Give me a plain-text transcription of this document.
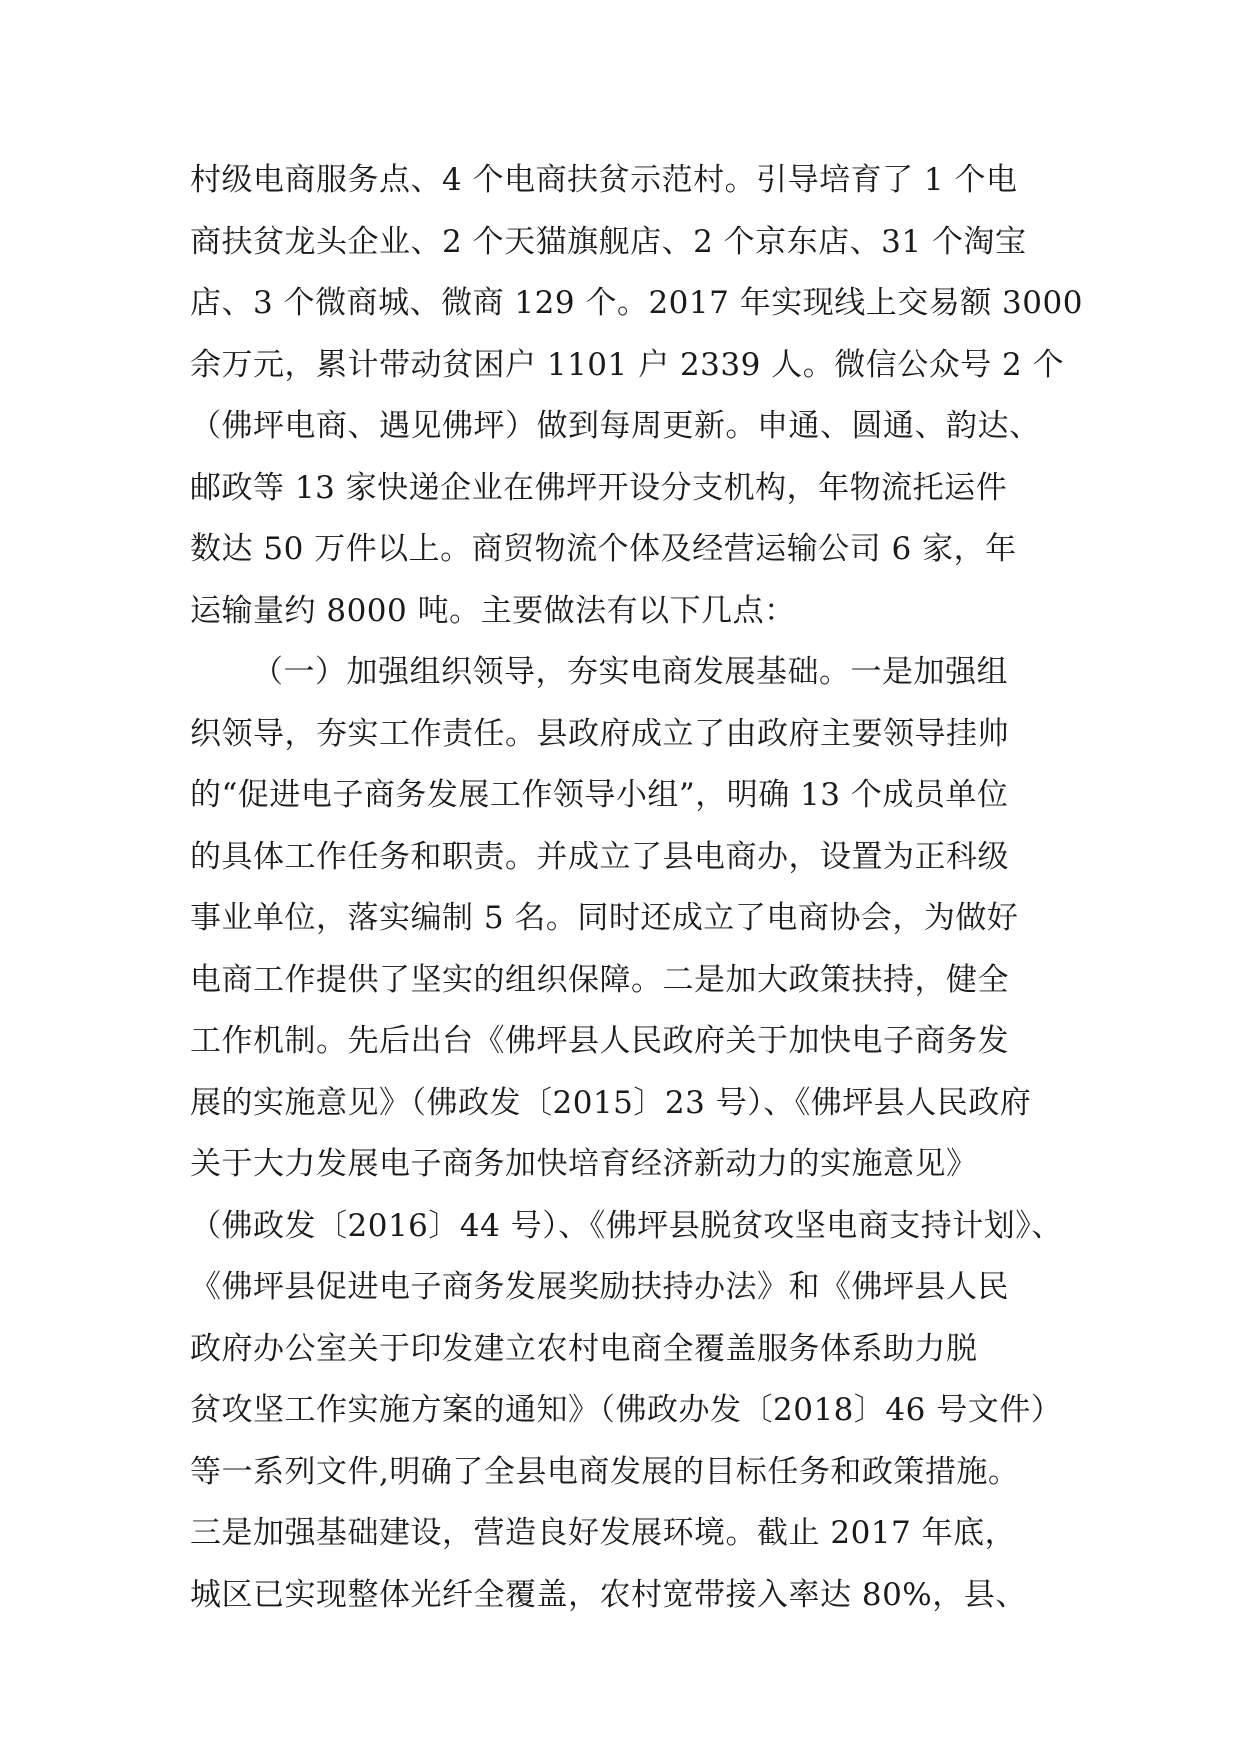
村级电商服务点、4 个电商扶贫示范村。引导培育了 1 个电
商扶贫龙头企业、2 个天猫旗舰店、2 个京东店、31 个淘宝
店、3 个微商城、微商 129 个。2017 年实现线上交易额 3000
余万元，累计带动贫困户 1101 户 2339 人。微信公众号 2 个
（佛坪电商、遇见佛坪）做到每周更新。申通、圆通、韵达、
邮政等 13 家快递企业在佛坪开设分支机构，年物流托运件
数达 50 万件以上。商贸物流个体及经营运输公司 6 家，年
运输量约 8000 吨。主要做法有以下几点：
（一）加强组织领导，夯实电商发展基础。一是加强组
织领导，夯实工作责任。县政府成立了由政府主要领导挂帅
的“促进电子商务发展工作领导小组”，明确 13 个成员单位
的具体工作任务和职责。并成立了县电商办，设置为正科级
事业单位，落实编制 5 名。同时还成立了电商协会，为做好
电商工作提供了坚实的组织保障。二是加大政策扶持，健全
工作机制。先后出台《佛坪县人民政府关于加快电子商务发
展的实施意见》（佛政发〔2015〕23 号）、《佛坪县人民政府
关于大力发展电子商务加快培育经济新动力的实施意见》
（佛政发〔2016〕44 号）、《佛坪县脱贫攻坚电商支持计划》、
《佛坪县促进电子商务发展奖励扶持办法》和《佛坪县人民
政府办公室关于印发建立农村电商全覆盖服务体系助力脱
贫攻坚工作实施方案的通知》（佛政办发〔2018〕46 号文件）
等一系列文件,明确了全县电商发展的目标任务和政策措施。
三是加强基础建设，营造良好发展环境。截止 2017 年底，
城区已实现整体光纤全覆盖，农村宽带接入率达 80%，县、
